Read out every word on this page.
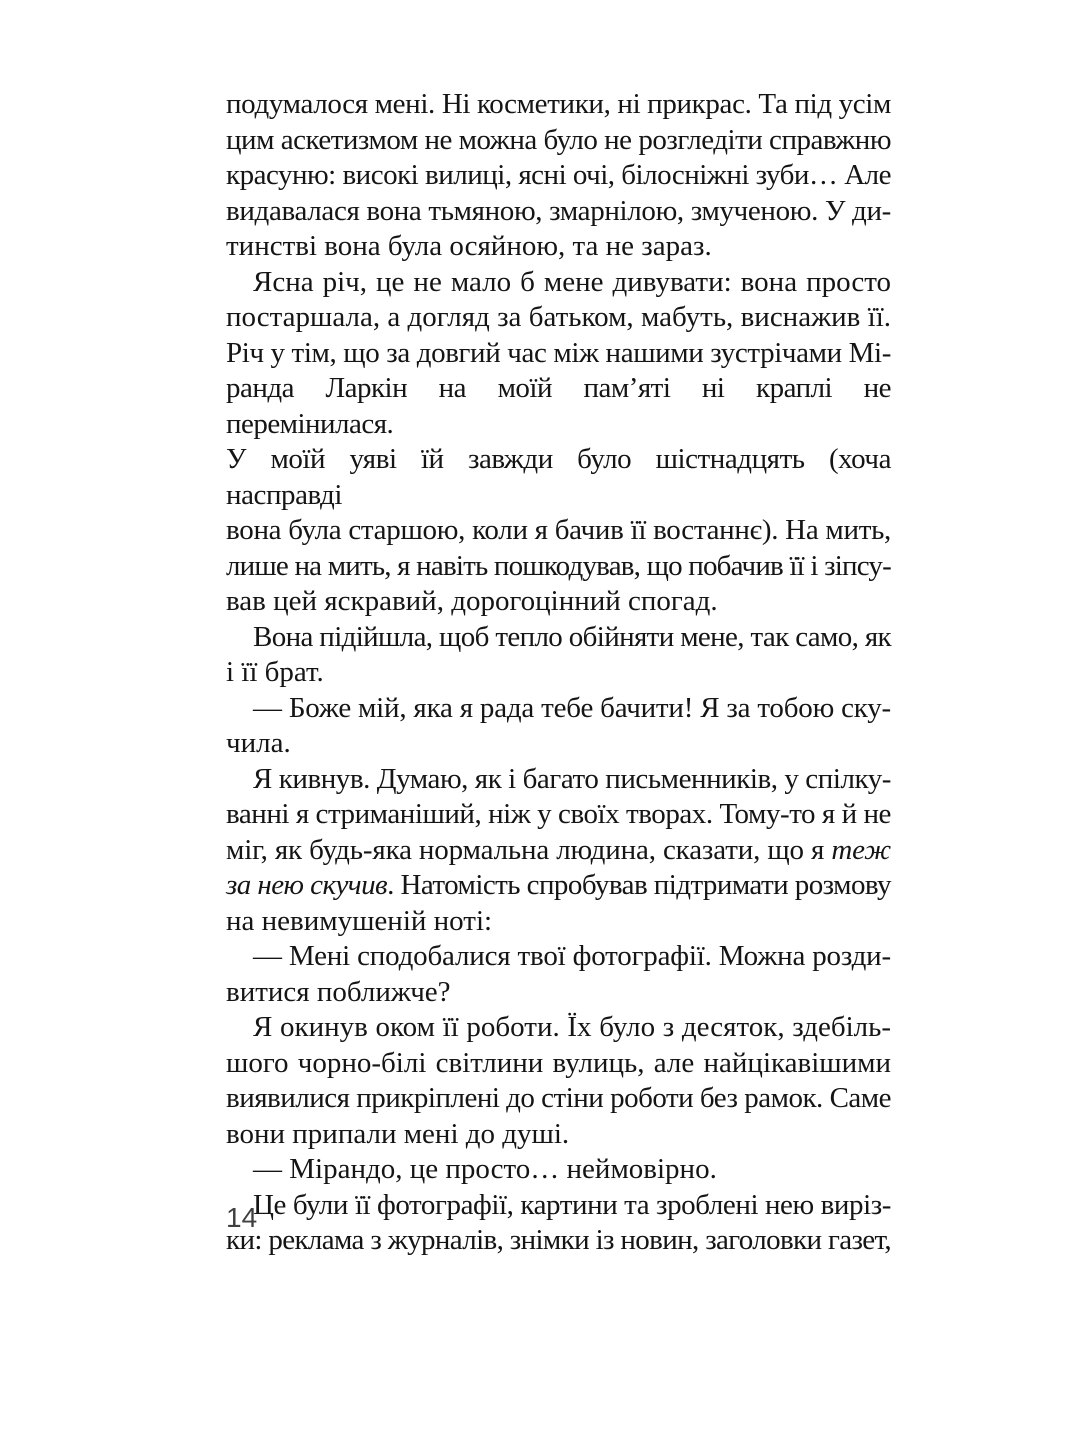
подумалося мені. Ні косметики, ні прикрас. Та під усім
цим аскетизмом не можна було не розгледіти справжню
красуню: високі вилиці, ясні очі, білосніжні зуби… Але
видавалася вона тьмяною, змарнілою, змученою. У ди-
тинстві вона була осяйною, та не зараз.
Ясна річ, це не мало б мене дивувати: вона просто
постаршала, а догляд за батьком, мабуть, виснажив її.
Річ у тім, що за довгий час між нашими зустрічами Мі-
ранда Ларкін на моїй пам’яті ні краплі не перемінилася.
У моїй уяві їй завжди було шістнадцять (хоча насправді
вона була старшою, коли я бачив її востаннє). На мить,
лише на мить, я навіть пошкодував, що побачив її і зіпсу-
вав цей яскравий, дорогоцінний спогад.
Вона підійшла, щоб тепло обійняти мене, так само, як
і її брат.
— Боже мій, яка я рада тебе бачити! Я за тобою ску-
чила.
Я кивнув. Думаю, як і багато письменників, у спілку-
ванні я стриманіший, ніж у своїх творах. Тому-то я й не
міг, як будь-яка нормальна людина, сказати, що я теж
за нею скучив. Натомість спробував підтримати розмову
на невимушеній ноті:
— Мені сподобалися твої фотографії. Можна розди-
витися поближче?
Я окинув оком її роботи. Їх було з десяток, здебіль-
шого чорно-білі світлини вулиць, але найцікавішими
виявилися прикріплені до стіни роботи без рамок. Саме
вони припали мені до душі.
— Мірандо, це просто… неймовірно.
Це були її фотографії, картини та зроблені нею виріз-
ки: реклама з журналів, знімки із новин, заголовки газет,
14
